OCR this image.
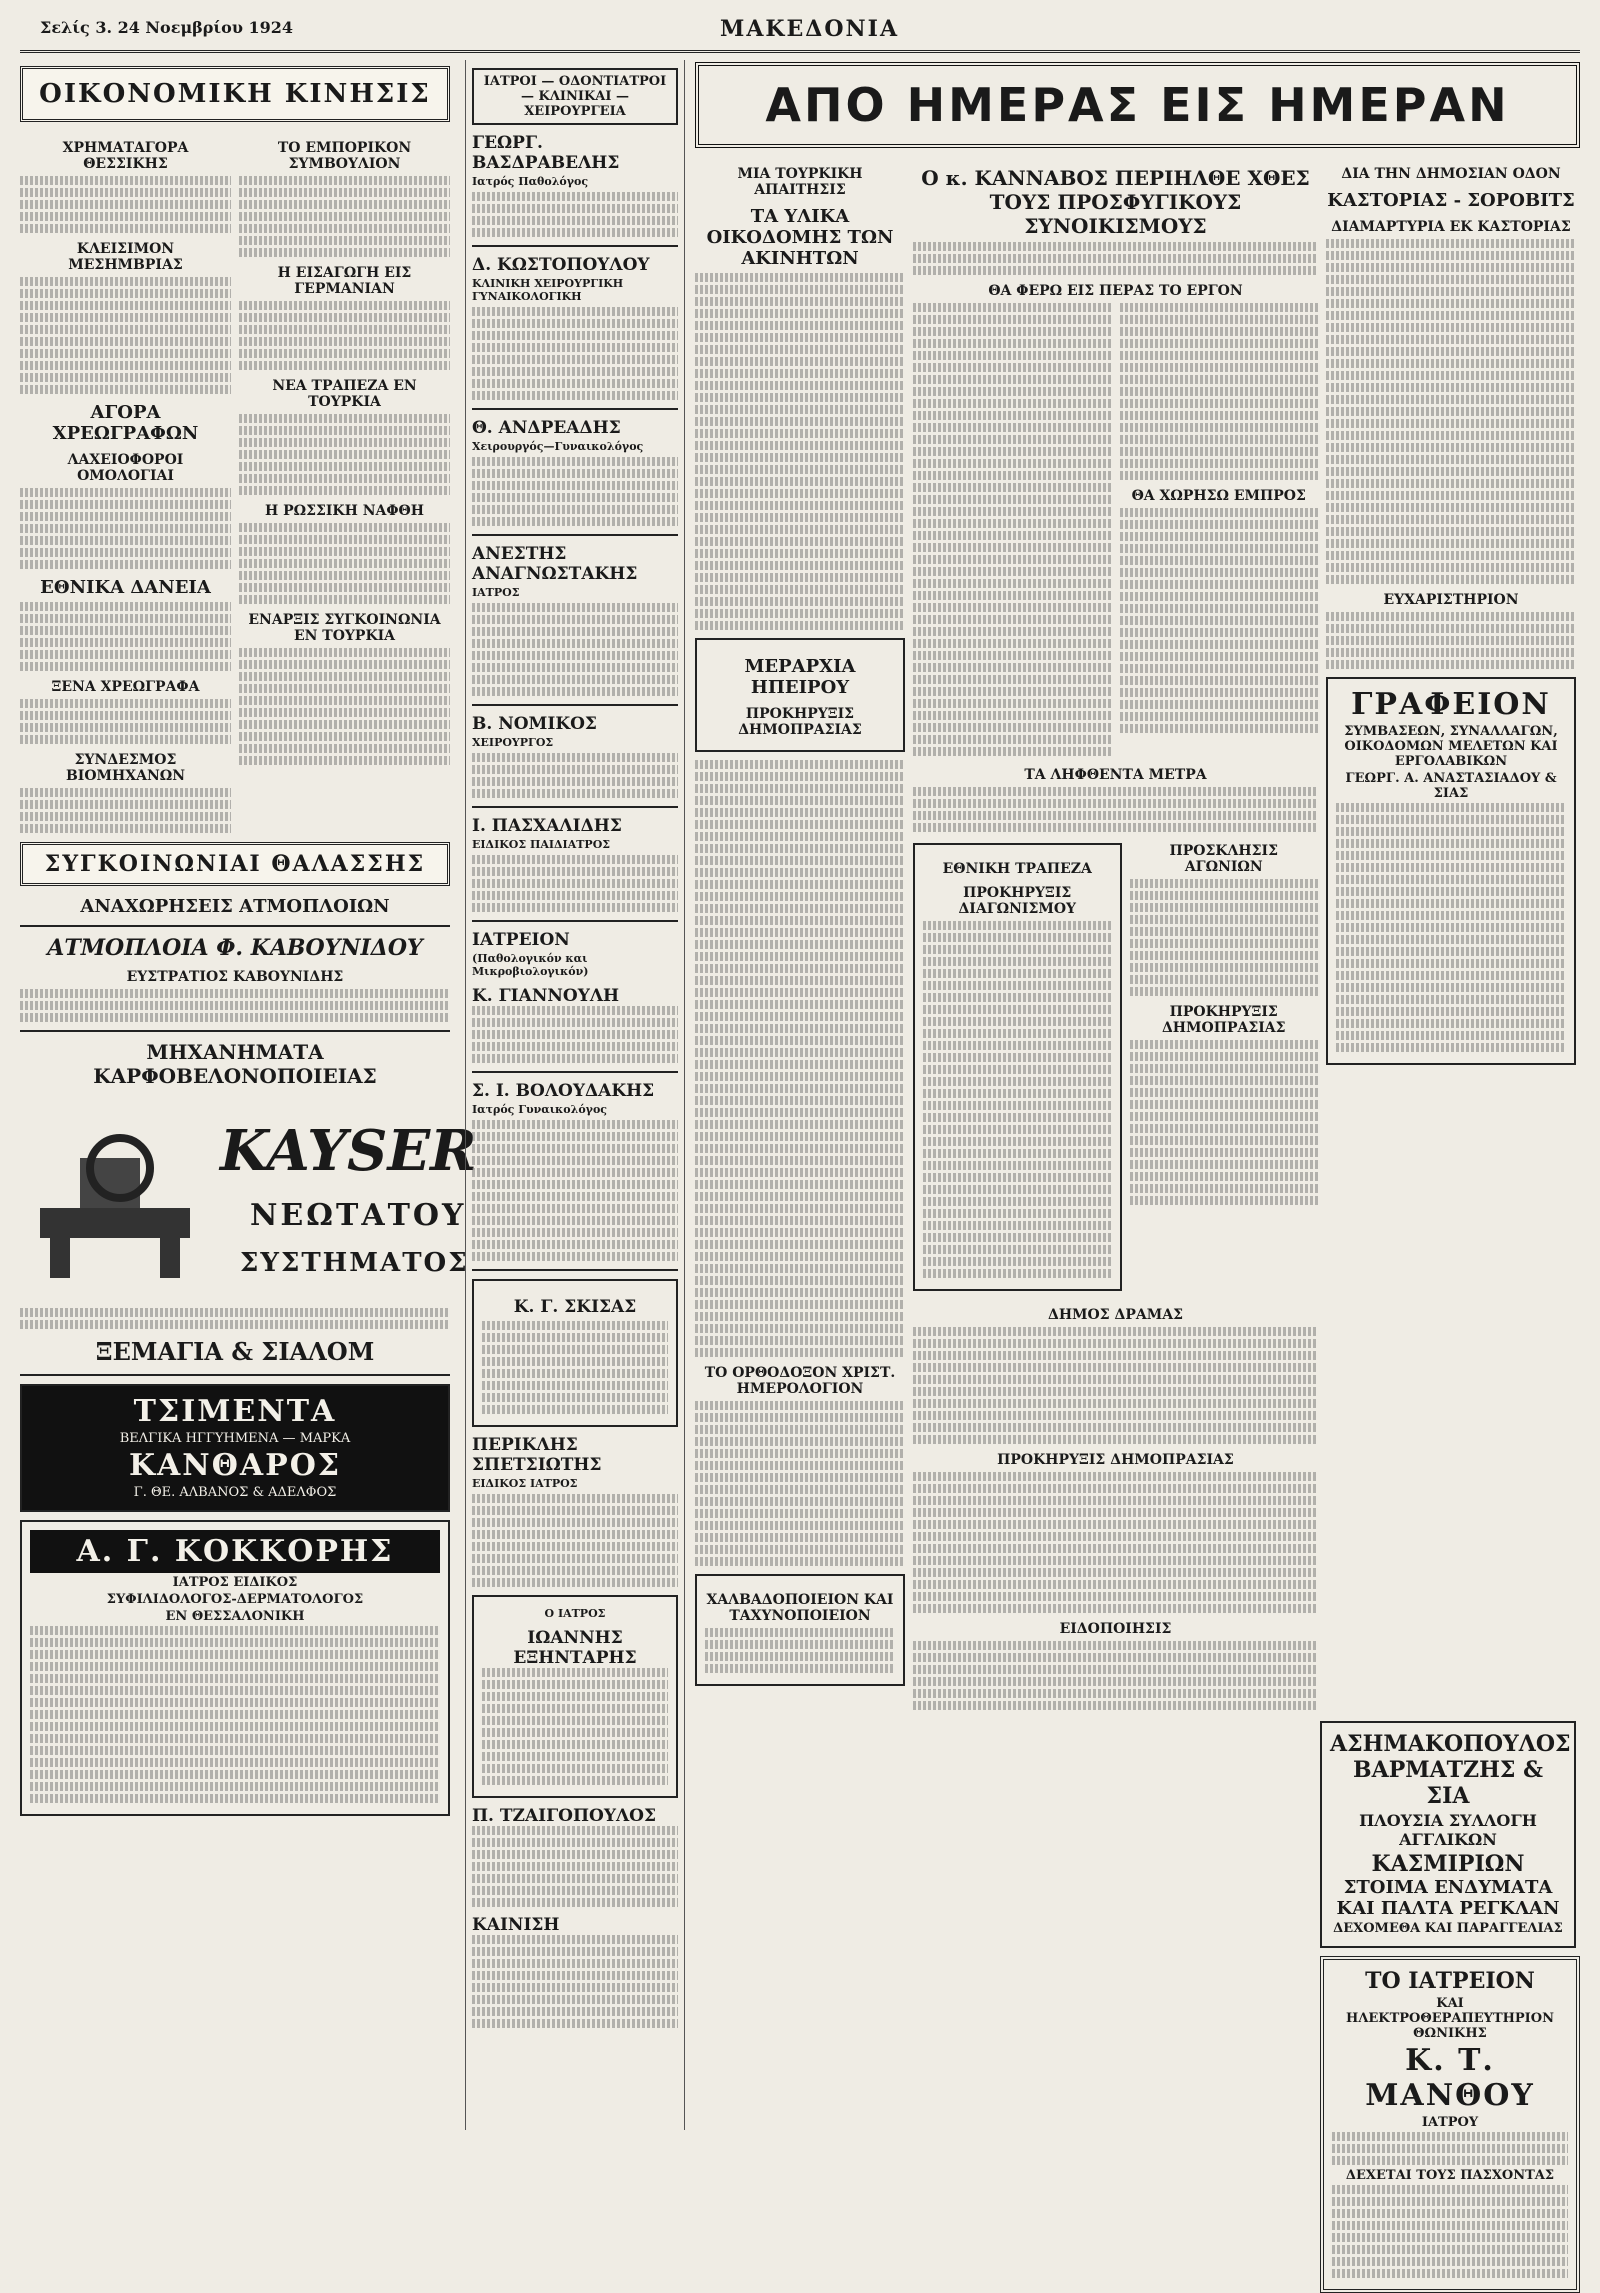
Σελίς 3. 24 Νοεμβρίου 1924	ΜΑΚΕΔΟΝΙΑ
ΟΙΚΟΝΟΜΙΚΗ ΚΙΝΗΣΙΣ
ΧΡΗΜΑΤΑΓΟΡΑ ΘΕΣΣΙΚΗΣ

ΚΛΕΙΣΙΜΟΝ ΜΕΣΗΜΒΡΙΑΣ

ΑΓΟΡΑ ΧΡΕΩΓΡΑΦΩΝ
ΛΑΧΕΙΟΦΟΡΟΙ ΟΜΟΛΟΓΙΑΙ

ΕΘΝΙΚΑ ΔΑΝΕΙΑ

ΞΕΝΑ ΧΡΕΩΓΡΑΦΑ

ΣΥΝΔΕΣΜΟΣ ΒΙΟΜΗΧΑΝΩΝ

ΤΟ ΕΜΠΟΡΙΚΟΝ ΣΥΜΒΟΥΛΙΟΝ

Η ΕΙΣΑΓΩΓΗ ΕΙΣ ΓΕΡΜΑΝΙΑΝ

ΝΕΑ ΤΡΑΠΕΖΑ ΕΝ ΤΟΥΡΚΙΑ

Η ΡΩΣΣΙΚΗ ΝΑΦΘΗ

ΕΝΑΡΞΙΣ ΣΥΓΚΟΙΝΩΝΙΑ ΕΝ ΤΟΥΡΚΙΑ

ΣΥΓΚΟΙΝΩΝΙΑΙ ΘΑΛΑΣΣΗΣ
ΑΝΑΧΩΡΗΣΕΙΣ ΑΤΜΟΠΛΟΙΩΝ
ΑΤΜΟΠΛΟΙΑ Φ. ΚΑΒΟΥΝΙΔΟΥ
ΕΥΣΤΡΑΤΙΟΣ ΚΑΒΟΥΝΙΔΗΣ

ΜΗΧΑΝΗΜΑΤΑ ΚΑΡΦΟΒΕΛΟΝΟΠΟΙΕΙΑΣ
KAYSER
ΝΕΩΤΑΤΟΥ
ΣΥΣΤΗΜΑΤΟΣ

ΞΕΜΑΓΙΑ & ΣΙΑΛΟΜ
ΤΣΙΜΕΝΤΑ
ΒΕΛΓΙΚΑ ΗΓΓΥΗΜΕΝΑ — ΜΑΡΚΑ
ΚΑΝΘΑΡΟΣ
Γ. ΘΕ. ΑΛΒΑΝΟΣ & ΑΔΕΛΦΟΣ
Α. Γ. ΚΟΚΚΟΡΗΣ
ΙΑΤΡΟΣ ΕΙΔΙΚΟΣ
ΣΥΦΙΛΙΔΟΛΟΓΟΣ-ΔΕΡΜΑΤΟΛΟΓΟΣ
ΕΝ ΘΕΣΣΑΛΟΝΙΚΗ

ΙΑΤΡΟΙ — ΟΔΟΝΤΙΑΤΡΟΙ — ΚΛΙΝΙΚΑΙ — ΧΕΙΡΟΥΡΓΕΙΑ
ΓΕΩΡΓ. ΒΑΣΔΡΑΒΕΛΗΣ
Ιατρός Παθολόγος

Δ. ΚΩΣΤΟΠΟΥΛΟΥ
ΚΛΙΝΙΚΗ ΧΕΙΡΟΥΡΓΙΚΗ ΓΥΝΑΙΚΟΛΟΓΙΚΗ

Θ. ΑΝΔΡΕΑΔΗΣ
Χειρουργός—Γυναικολόγος

ΑΝΕΣΤΗΣ ΑΝΑΓΝΩΣΤΑΚΗΣ
ΙΑΤΡΟΣ

Β. ΝΟΜΙΚΟΣ
ΧΕΙΡΟΥΡΓΟΣ

Ι. ΠΑΣΧΑΛΙΔΗΣ
ΕΙΔΙΚΟΣ ΠΑΙΔΙΑΤΡΟΣ

ΙΑΤΡΕΙΟΝ
(Παθολογικόν και Μικροβιολογικόν)
Κ. ΓΙΑΝΝΟΥΛΗ

Σ. Ι. ΒΟΛΟΥΔΑΚΗΣ
Ιατρός Γυναικολόγος

Κ. Γ. ΣΚΙΣΑΣ

ΠΕΡΙΚΛΗΣ ΣΠΕΤΣΙΩΤΗΣ
ΕΙΔΙΚΟΣ ΙΑΤΡΟΣ

Ο ΙΑΤΡΟΣ
ΙΩΑΝΝΗΣ ΕΞΗΝΤΑΡΗΣ

Π. ΤΖΑΙΓΟΠΟΥΛΟΣ

ΚΑΙΝΙΣΗ

ΑΠΟ ΗΜΕΡΑΣ ΕΙΣ ΗΜΕΡΑΝ
ΜΙΑ ΤΟΥΡΚΙΚΗ ΑΠΑΙΤΗΣΙΣ
ΤΑ ΥΛΙΚΑ ΟΙΚΟΔΟΜΗΣ ΤΩΝ ΑΚΙΝΗΤΩΝ

ΜΕΡΑΡΧΙΑ ΗΠΕΙΡΟΥ
ΠΡΟΚΗΡΥΞΙΣ ΔΗΜΟΠΡΑΣΙΑΣ

ΤΟ ΟΡΘΟΔΟΞΟΝ ΧΡΙΣΤ. ΗΜΕΡΟΛΟΓΙΟΝ

ΧΑΛΒΑΔΟΠΟΙΕΙΟΝ ΚΑΙ ΤΑΧΥΝΟΠΟΙΕΙΟΝ

Ο κ. ΚΑΝΝΑΒΟΣ ΠΕΡΙΗΛΘΕ ΧΘΕΣ ΤΟΥΣ ΠΡΟΣΦΥΓΙΚΟΥΣ ΣΥΝΟΙΚΙΣΜΟΥΣ

ΘΑ ΦΕΡΩ ΕΙΣ ΠΕΡΑΣ ΤΟ ΕΡΓΟΝ

ΘΑ ΧΩΡΗΣΩ ΕΜΠΡΟΣ

ΤΑ ΛΗΦΘΕΝΤΑ ΜΕΤΡΑ

ΕΘΝΙΚΗ ΤΡΑΠΕΖΑ
ΠΡΟΚΗΡΥΞΙΣ ΔΙΑΓΩΝΙΣΜΟΥ

ΠΡΟΣΚΛΗΣΙΣ ΑΓΩΝΙΩΝ

ΠΡΟΚΗΡΥΞΙΣ ΔΗΜΟΠΡΑΣΙΑΣ

ΔΗΜΟΣ ΔΡΑΜΑΣ

ΠΡΟΚΗΡΥΞΙΣ ΔΗΜΟΠΡΑΣΙΑΣ

ΕΙΔΟΠΟΙΗΣΙΣ

ΔΙΑ ΤΗΝ ΔΗΜΟΣΙΑΝ ΟΔΟΝ
ΚΑΣΤΟΡΙΑΣ - ΣΟΡΟΒΙΤΣ
ΔΙΑΜΑΡΤΥΡΙΑ ΕΚ ΚΑΣΤΟΡΙΑΣ

ΕΥΧΑΡΙΣΤΗΡΙΟΝ

ΓΡΑΦΕΙΟΝ
ΣΥΜΒΑΣΕΩΝ, ΣΥΝΑΛΛΑΓΩΝ, ΟΙΚΟΔΟΜΩΝ ΜΕΛΕΤΩΝ ΚΑΙ ΕΡΓΟΛΑΒΙΚΩΝ
ΓΕΩΡΓ. Α. ΑΝΑΣΤΑΣΙΑΔΟΥ & ΣΙΑΣ

ΑΣΗΜΑΚΟΠΟΥΛΟΣ ΒΑΡΜΑΤΖΗΣ & ΣΙΑ
ΠΛΟΥΣΙΑ ΣΥΛΛΟΓΗ ΑΓΓΛΙΚΩΝ
ΚΑΣΜΙΡΙΩΝ
ΣΤΟΙΜΑ ΕΝΔΥΜΑΤΑ ΚΑΙ ΠΑΛΤΑ ΡΕΓΚΛΑΝ
ΔΕΧΟΜΕΘΑ ΚΑΙ ΠΑΡΑΓΓΕΛΙΑΣ
ΤΟ ΙΑΤΡΕΙΟΝ
ΚΑΙ ΗΛΕΚΤΡΟΘΕΡΑΠΕΥΤΗΡΙΟΝ ΘΩΝΙΚΗΣ
Κ. Τ. ΜΑΝΘΟΥ
ΙΑΤΡΟΥ

ΔΕΧΕΤΑΙ ΤΟΥΣ ΠΑΣΧΟΝΤΑΣ
